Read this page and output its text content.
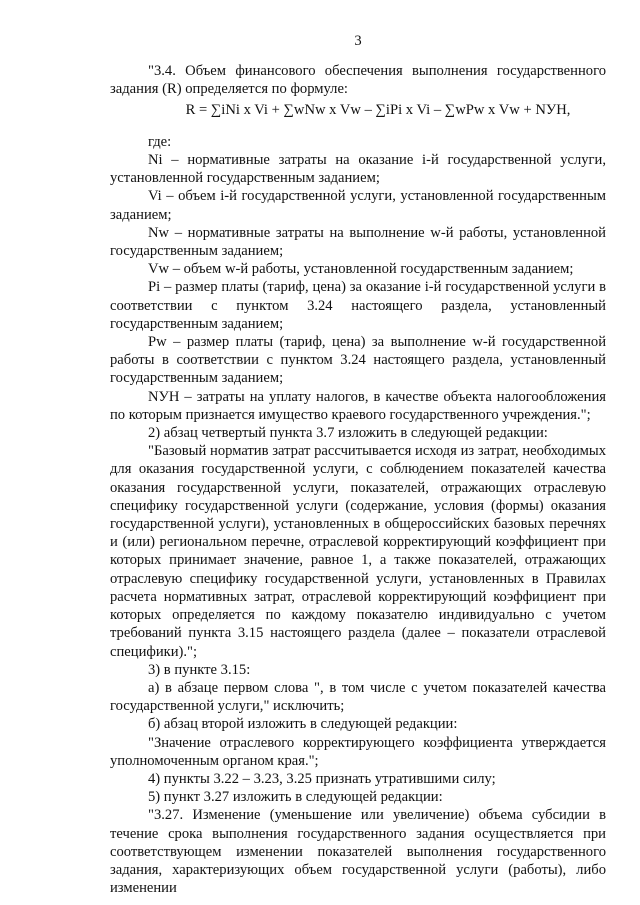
3

"3.4. Объем финансового обеспечения выполнения государственного задания (R) определяется по формуле:

R = ∑iNi x Vi + ∑wNw x Vw – ∑iPi x Vi – ∑wPw x Vw + NУН,

где:

Ni – нормативные затраты на оказание i-й государственной услуги, установленной государственным заданием;

Vi – объем i-й государственной услуги, установленной государственным заданием;

Nw – нормативные затраты на выполнение w-й работы, установленной государственным заданием;

Vw – объем w-й работы, установленной государственным заданием;

Pi – размер платы (тариф, цена) за оказание i-й государственной услуги в соответствии с пунктом 3.24 настоящего раздела, установленный государственным заданием;

Pw – размер платы (тариф, цена) за выполнение w-й государственной работы в соответствии с пунктом 3.24 настоящего раздела, установленный государственным заданием;

NУН – затраты на уплату налогов, в качестве объекта налогообложения по которым признается имущество краевого государственного учреждения.";

2) абзац четвертый пункта 3.7 изложить в следующей редакции:

"Базовый норматив затрат рассчитывается исходя из затрат, необходимых для оказания государственной услуги, с соблюдением показателей качества оказания государственной услуги, показателей, отражающих отраслевую специфику государственной услуги (содержание, условия (формы) оказания государственной услуги), установленных в общероссийских базовых перечнях и (или) региональном перечне, отраслевой корректирующий коэффициент при которых принимает значение, равное 1, а также показателей, отражающих отраслевую специфику государственной услуги, установленных в Правилах расчета нормативных затрат, отраслевой корректирующий коэффициент при которых определяется по каждому показателю индивидуально с учетом требований пункта 3.15 настоящего раздела (далее – показатели отраслевой специфики).";

3) в пункте 3.15:

а) в абзаце первом слова ", в том числе с учетом показателей качества государственной услуги," исключить;

б) абзац второй изложить в следующей редакции:

"Значение отраслевого корректирующего коэффициента утверждается уполномоченным органом края.";

4) пункты 3.22 – 3.23, 3.25 признать утратившими силу;

5) пункт 3.27 изложить в следующей редакции:

"3.27. Изменение (уменьшение или увеличение) объема субсидии в течение срока выполнения государственного задания осуществляется при соответствующем изменении показателей выполнения государственного задания, характеризующих объем государственной услуги (работы), либо изменении
